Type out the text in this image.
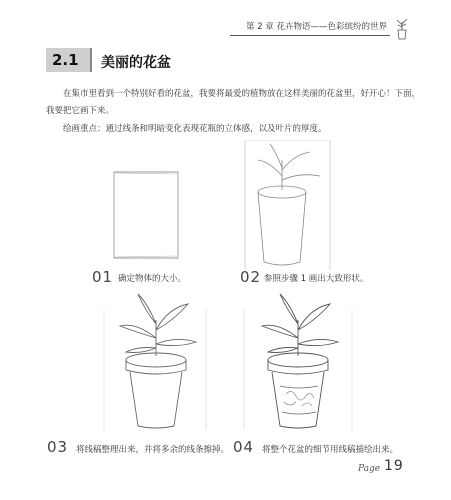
第 2 章 花卉物语——色彩缤纷的世界
2.1 美丽的花盆
在集市里看到一个特别好看的花盆，我要将最爱的植物放在这样美丽的花盆里，好开心！下面，
我要把它画下来。
绘画重点：通过线条和明暗变化表现花瓶的立体感，以及叶片的厚度。
01 确定物体的大小。	02 参照步骤 1 画出大致形状。
03 将线稿整理出来，并将多余的线条擦掉。 04 将整个花盆的细节用线稿描绘出来。
Page 19
